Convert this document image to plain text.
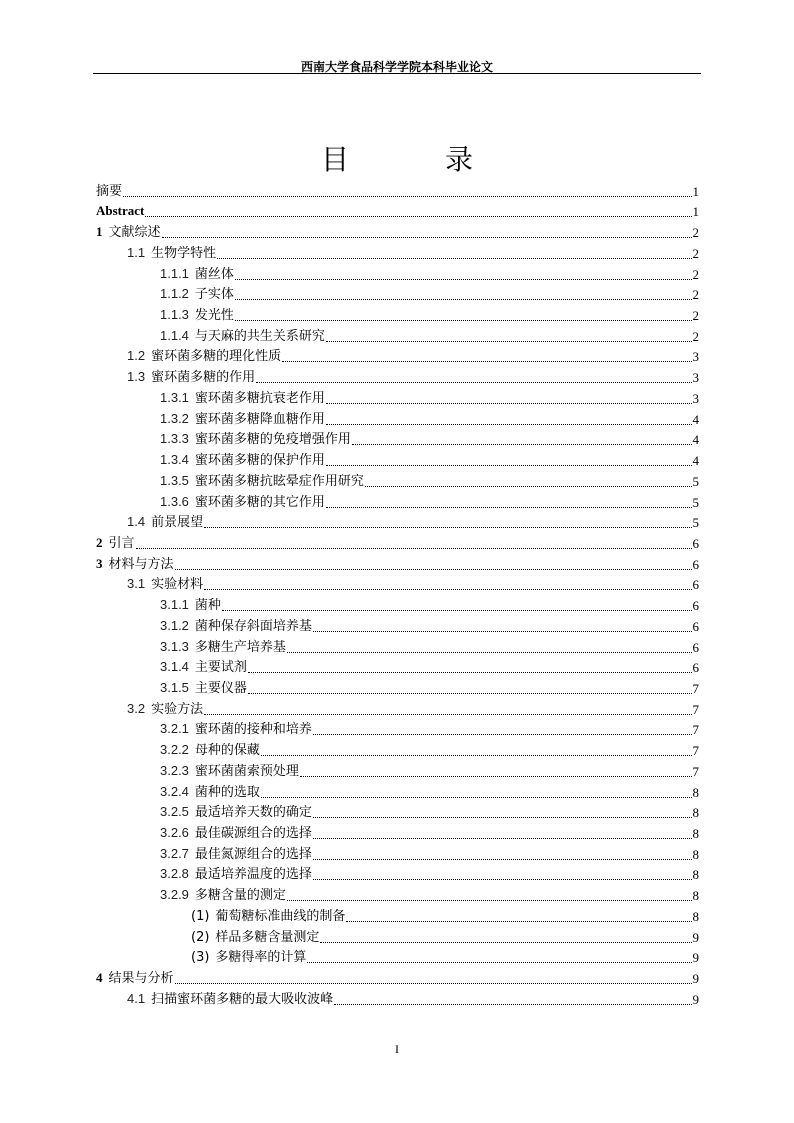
西南大学食品科学学院本科毕业论文
目　录
摘要	1
Abstract	1
1 文献综述	2
1.1 生物学特性	2
1.1.1 菌丝体	2
1.1.2 子实体	2
1.1.3 发光性	2
1.1.4 与天麻的共生关系研究	2
1.2 蜜环菌多糖的理化性质	3
1.3 蜜环菌多糖的作用	3
1.3.1 蜜环菌多糖抗衰老作用	3
1.3.2 蜜环菌多糖降血糖作用	4
1.3.3 蜜环菌多糖的免疫增强作用	4
1.3.4 蜜环菌多糖的保护作用	4
1.3.5 蜜环菌多糖抗眩晕症作用研究	5
1.3.6 蜜环菌多糖的其它作用	5
1.4 前景展望	5
2 引言	6
3 材料与方法	6
3.1 实验材料	6
3.1.1 菌种	6
3.1.2 菌种保存斜面培养基	6
3.1.3 多糖生产培养基	6
3.1.4 主要试剂	6
3.1.5 主要仪器	7
3.2 实验方法	7
3.2.1 蜜环菌的接种和培养	7
3.2.2 母种的保藏	7
3.2.3 蜜环菌菌索预处理	7
3.2.4 菌种的选取	8
3.2.5 最适培养天数的确定	8
3.2.6 最佳碳源组合的选择	8
3.2.7 最佳氮源组合的选择	8
3.2.8 最适培养温度的选择	8
3.2.9 多糖含量的测定	8
(1) 葡萄糖标准曲线的制备	8
(2) 样品多糖含量测定	9
(3) 多糖得率的计算	9
4 结果与分析	9
4.1 扫描蜜环菌多糖的最大吸收波峰	9
I
